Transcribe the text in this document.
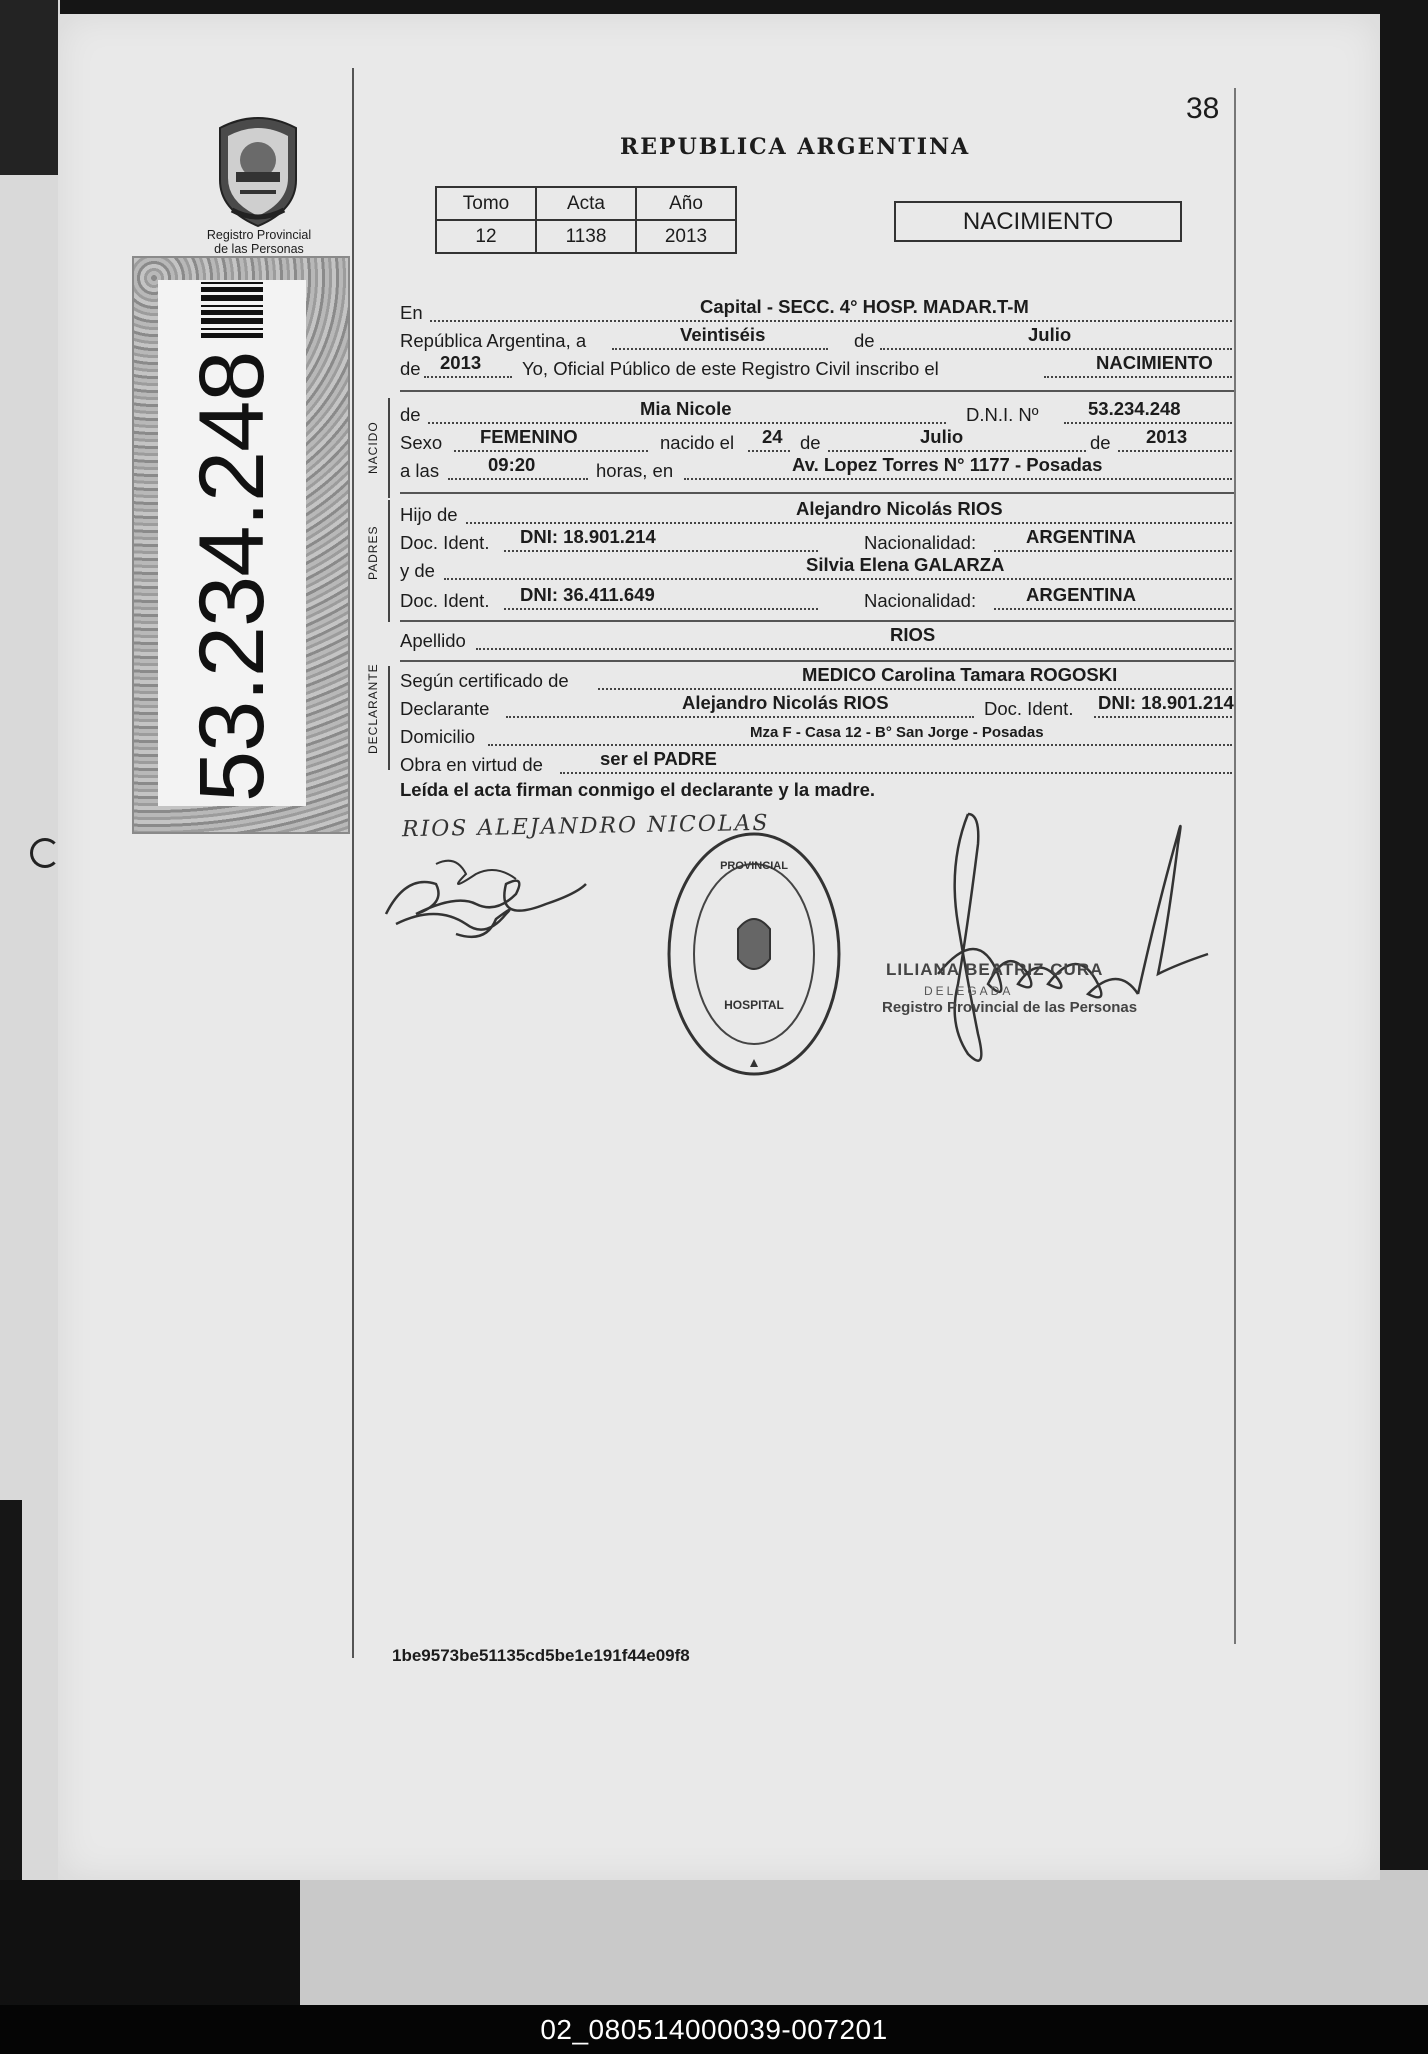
Registro Provincial
de las Personas
53.234.248
38
REPUBLICA ARGENTINA
Tomo	Acta	Año
12	1138	2013
NACIMIENTO
En	Capital - SECC. 4° HOSP. MADAR.T-M
República Argentina, a	Veintiséis	de	Julio
de 2013 Yo, Oficial Público de este Registro Civil inscribo el	NACIMIENTO
NACIDO
de	Mia Nicole	D.N.I. Nº	53.234.248
Sexo FEMENINO	nacido el 24 de	Julio	de 2013
a las	09:20	horas, en	Av. Lopez Torres N° 1177 - Posadas
PADRES
Hijo de	Alejandro Nicolás RIOS
Doc. Ident. DNI: 18.901.214	Nacionalidad:	ARGENTINA
y de	Silvia Elena GALARZA
Doc. Ident. DNI: 36.411.649	Nacionalidad:	ARGENTINA
Apellido	RIOS
DECLARANTE Según certificado de	MEDICO Carolina Tamara ROGOSKI
Declarante	Alejandro Nicolás RIOS	Doc. Ident. DNI: 18.901.214
Domicilio	Mza F - Casa 12 - B° San Jorge - Posadas
Obra en virtud de	ser el PADRE
Leída el acta firman conmigo el declarante y la madre.
RIOS ALEJANDRO NICOLAS
PROVINCIAL
HOSPITAL
LILIANA BEATRIZ CURA
DELEGADA
Registro Provincial de las Personas
1be9573be51135cd5be1e191f44e09f8
02_080514000039-007201
